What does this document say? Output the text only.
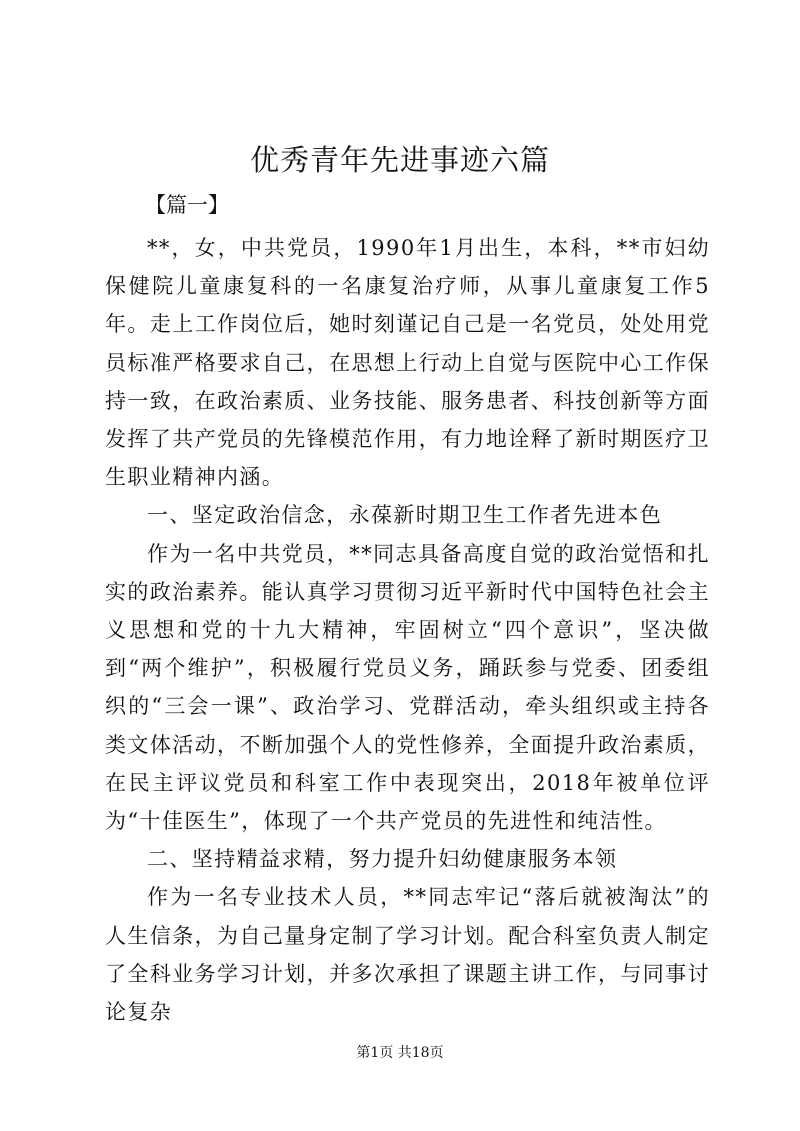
优秀青年先进事迹六篇
【篇一】

**，女，中共党员，1990年1月出生，本科，**市妇幼保健院儿童康复科的一名康复治疗师，从事儿童康复工作5年。走上工作岗位后，她时刻谨记自己是一名党员，处处用党员标准严格要求自己，在思想上行动上自觉与医院中心工作保持一致，在政治素质、业务技能、服务患者、科技创新等方面发挥了共产党员的先锋模范作用，有力地诠释了新时期医疗卫生职业精神内涵。

一、坚定政治信念，永葆新时期卫生工作者先进本色

作为一名中共党员，**同志具备高度自觉的政治觉悟和扎实的政治素养。能认真学习贯彻习近平新时代中国特色社会主义思想和党的十九大精神，牢固树立“四个意识”，坚决做到“两个维护”，积极履行党员义务，踊跃参与党委、团委组织的“三会一课”、政治学习、党群活动，牵头组织或主持各类文体活动，不断加强个人的党性修养，全面提升政治素质，在民主评议党员和科室工作中表现突出，2018年被单位评为“十佳医生”，体现了一个共产党员的先进性和纯洁性。

二、坚持精益求精，努力提升妇幼健康服务本领

作为一名专业技术人员，**同志牢记“落后就被淘汰”的人生信条，为自己量身定制了学习计划。配合科室负责人制定了全科业务学习计划，并多次承担了课题主讲工作，与同事讨论复杂

第1页 共18页
